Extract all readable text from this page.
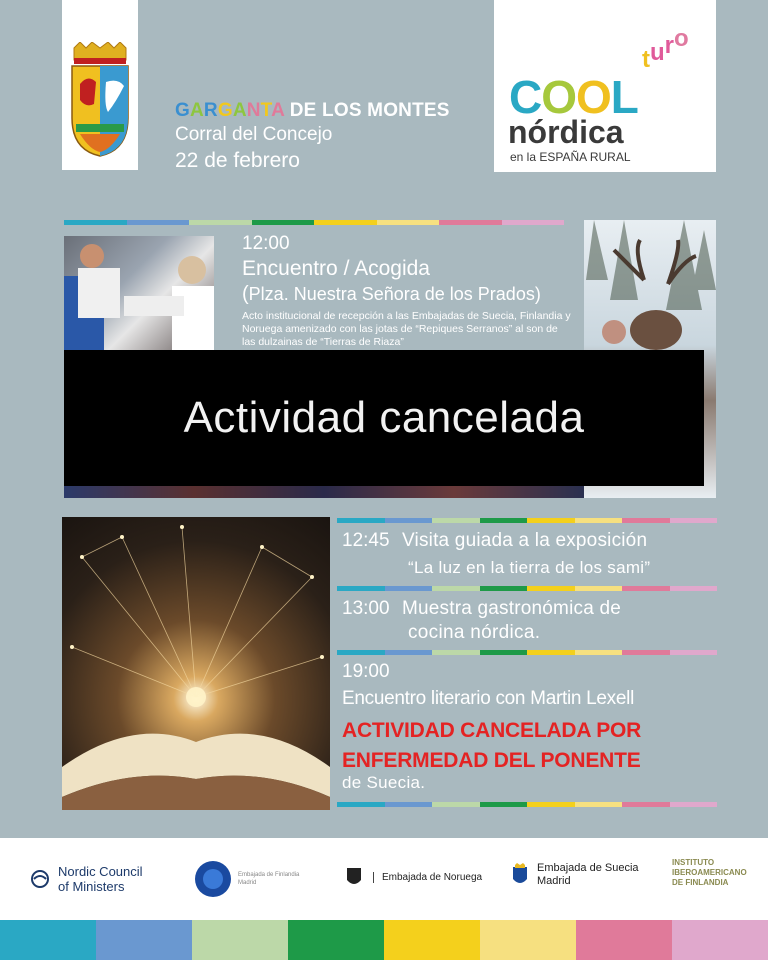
GARGANTA DE LOS MONTES
Corral del Concejo
22 de febrero
COOL
turo
nórdica
en la ESPAÑA RURAL
12:00
Encuentro / Acogida
(Plza. Nuestra Señora de los Prados)
Acto institucional de recepción a las Embajadas de Suecia, Finlandia y Noruega amenizado con las jotas de “Repiques Serranos” al son de las dulzainas de “Tierras de Riaza”
Actividad cancelada
12:45 Visita guiada a la exposición
“La luz en la tierra de los sami”
13:00 Muestra gastronómica de
cocina nórdica.
19:00
Encuentro literario con Martin Lexell
ACTIVIDAD CANCELADA POR
ENFERMEDAD DEL PONENTE
de Suecia.
Nordic Council
of Ministers
Embajada de Finlandia
Madrid
Embajada de Noruega
Embajada de Suecia
Madrid
INSTITUTO
IBEROAMERICANO
DE FINLANDIA
